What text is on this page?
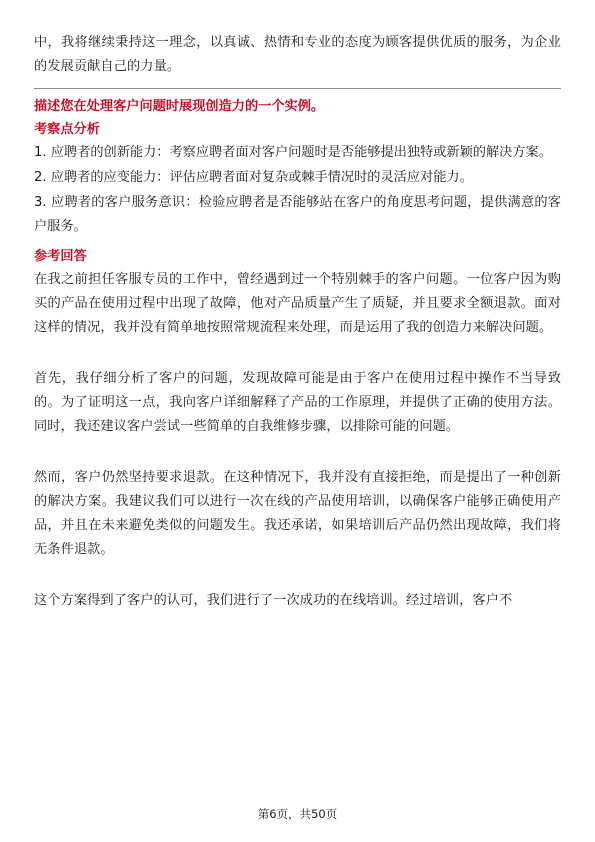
中，我将继续秉持这一理念，以真诚、热情和专业的态度为顾客提供优质的服务，为企业的发展贡献自己的力量。

描述您在处理客户问题时展现创造力的一个实例。

考察点分析

1. 应聘者的创新能力：考察应聘者面对客户问题时是否能够提出独特或新颖的解决方案。

2. 应聘者的应变能力：评估应聘者面对复杂或棘手情况时的灵活应对能力。

3. 应聘者的客户服务意识：检验应聘者是否能够站在客户的角度思考问题，提供满意的客户服务。

参考回答

在我之前担任客服专员的工作中，曾经遇到过一个特别棘手的客户问题。一位客户因为购买的产品在使用过程中出现了故障，他对产品质量产生了质疑，并且要求全额退款。面对这样的情况，我并没有简单地按照常规流程来处理，而是运用了我的创造力来解决问题。

首先，我仔细分析了客户的问题，发现故障可能是由于客户在使用过程中操作不当导致的。为了证明这一点，我向客户详细解释了产品的工作原理，并提供了正确的使用方法。同时，我还建议客户尝试一些简单的自我维修步骤，以排除可能的问题。

然而，客户仍然坚持要求退款。在这种情况下，我并没有直接拒绝，而是提出了一种创新的解决方案。我建议我们可以进行一次在线的产品使用培训，以确保客户能够正确使用产品，并且在未来避免类似的问题发生。我还承诺，如果培训后产品仍然出现故障，我们将无条件退款。

这个方案得到了客户的认可，我们进行了一次成功的在线培训。经过培训，客户不

第6页，共50页
